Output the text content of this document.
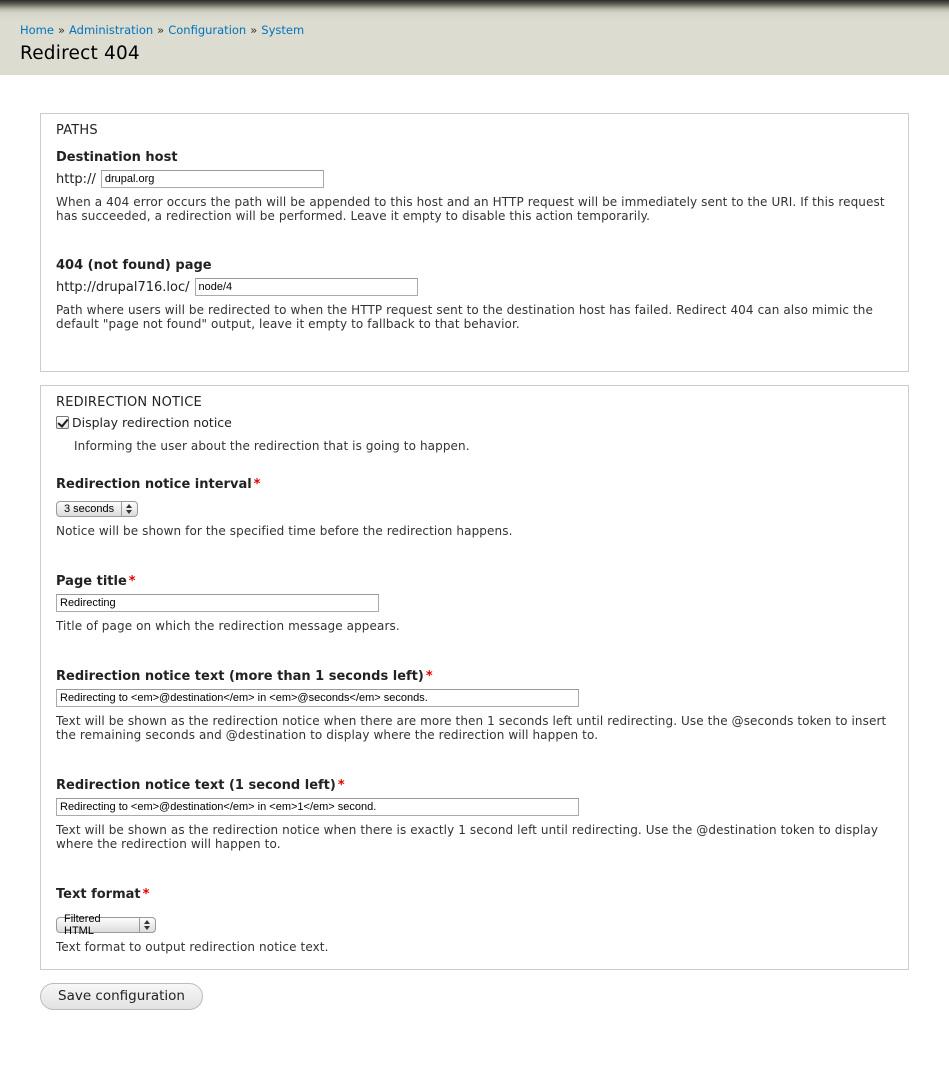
Home » Administration » Configuration » System
Redirect 404
PATHS
Destination host
http://
drupal.org
When a 404 error occurs the path will be appended to this host and an HTTP request will be immediately sent to the URI. If this request has succeeded, a redirection will be performed. Leave it empty to disable this action temporarily.
404 (not found) page
http://drupal716.loc/
node/4
Path where users will be redirected to when the HTTP request sent to the destination host has failed. Redirect 404 can also mimic the default "page not found" output, leave it empty to fallback to that behavior.
REDIRECTION NOTICE
Display redirection notice
Informing the user about the redirection that is going to happen.
Redirection notice interval *
3 seconds
Notice will be shown for the specified time before the redirection happens.
Page title *
Redirecting
Title of page on which the redirection message appears.
Redirection notice text (more than 1 seconds left) *
Redirecting to <em>@destination</em> in <em>@seconds</em> seconds.
Text will be shown as the redirection notice when there are more then 1 seconds left until redirecting. Use the @seconds token to insert the remaining seconds and @destination to display where the redirection will happen to.
Redirection notice text (1 second left) *
Redirecting to <em>@destination</em> in <em>1</em> second.
Text will be shown as the redirection notice when there is exactly 1 second left until redirecting. Use the @destination token to display where the redirection will happen to.
Text format *
Filtered HTML
Text format to output redirection notice text.
Save configuration
